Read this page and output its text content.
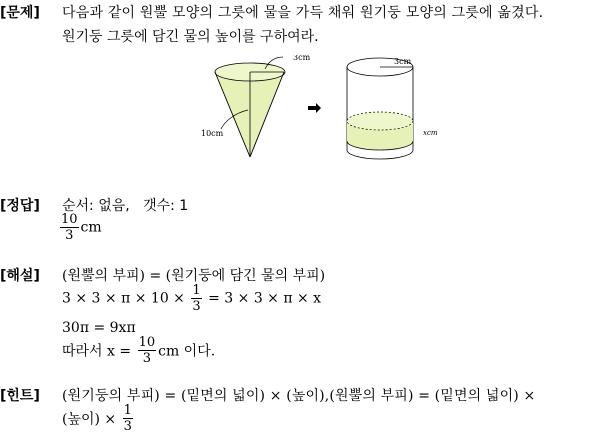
[문제] 다음과 같이 원뿔 모양의 그릇에 물을 가득 채워 원기둥 모양의 그릇에 옮겼다.
원기둥 그릇에 담긴 물의 높이를 구하여라.
3cm
10cm
3cm
xcm
[정답] 순서: 없음,   갯수: 1
$\frac{10}{3}$ cm
[해설] (원뿔의 부피) = (원기둥에 담긴 물의 부피)
$3 \times 3 \times \pi \times 10 \times \frac{1}{3} = 3 \times 3 \times \pi \times x$
30π = 9xπ
따라서 $x = \frac{10}{3}$ cm 이다.
[힌트] (원기둥의 부피) = (밑면의 넓이) × (높이),(원뿔의 부피) = (밑면의 넓이) ×
(높이) × $\frac{1}{3}$
